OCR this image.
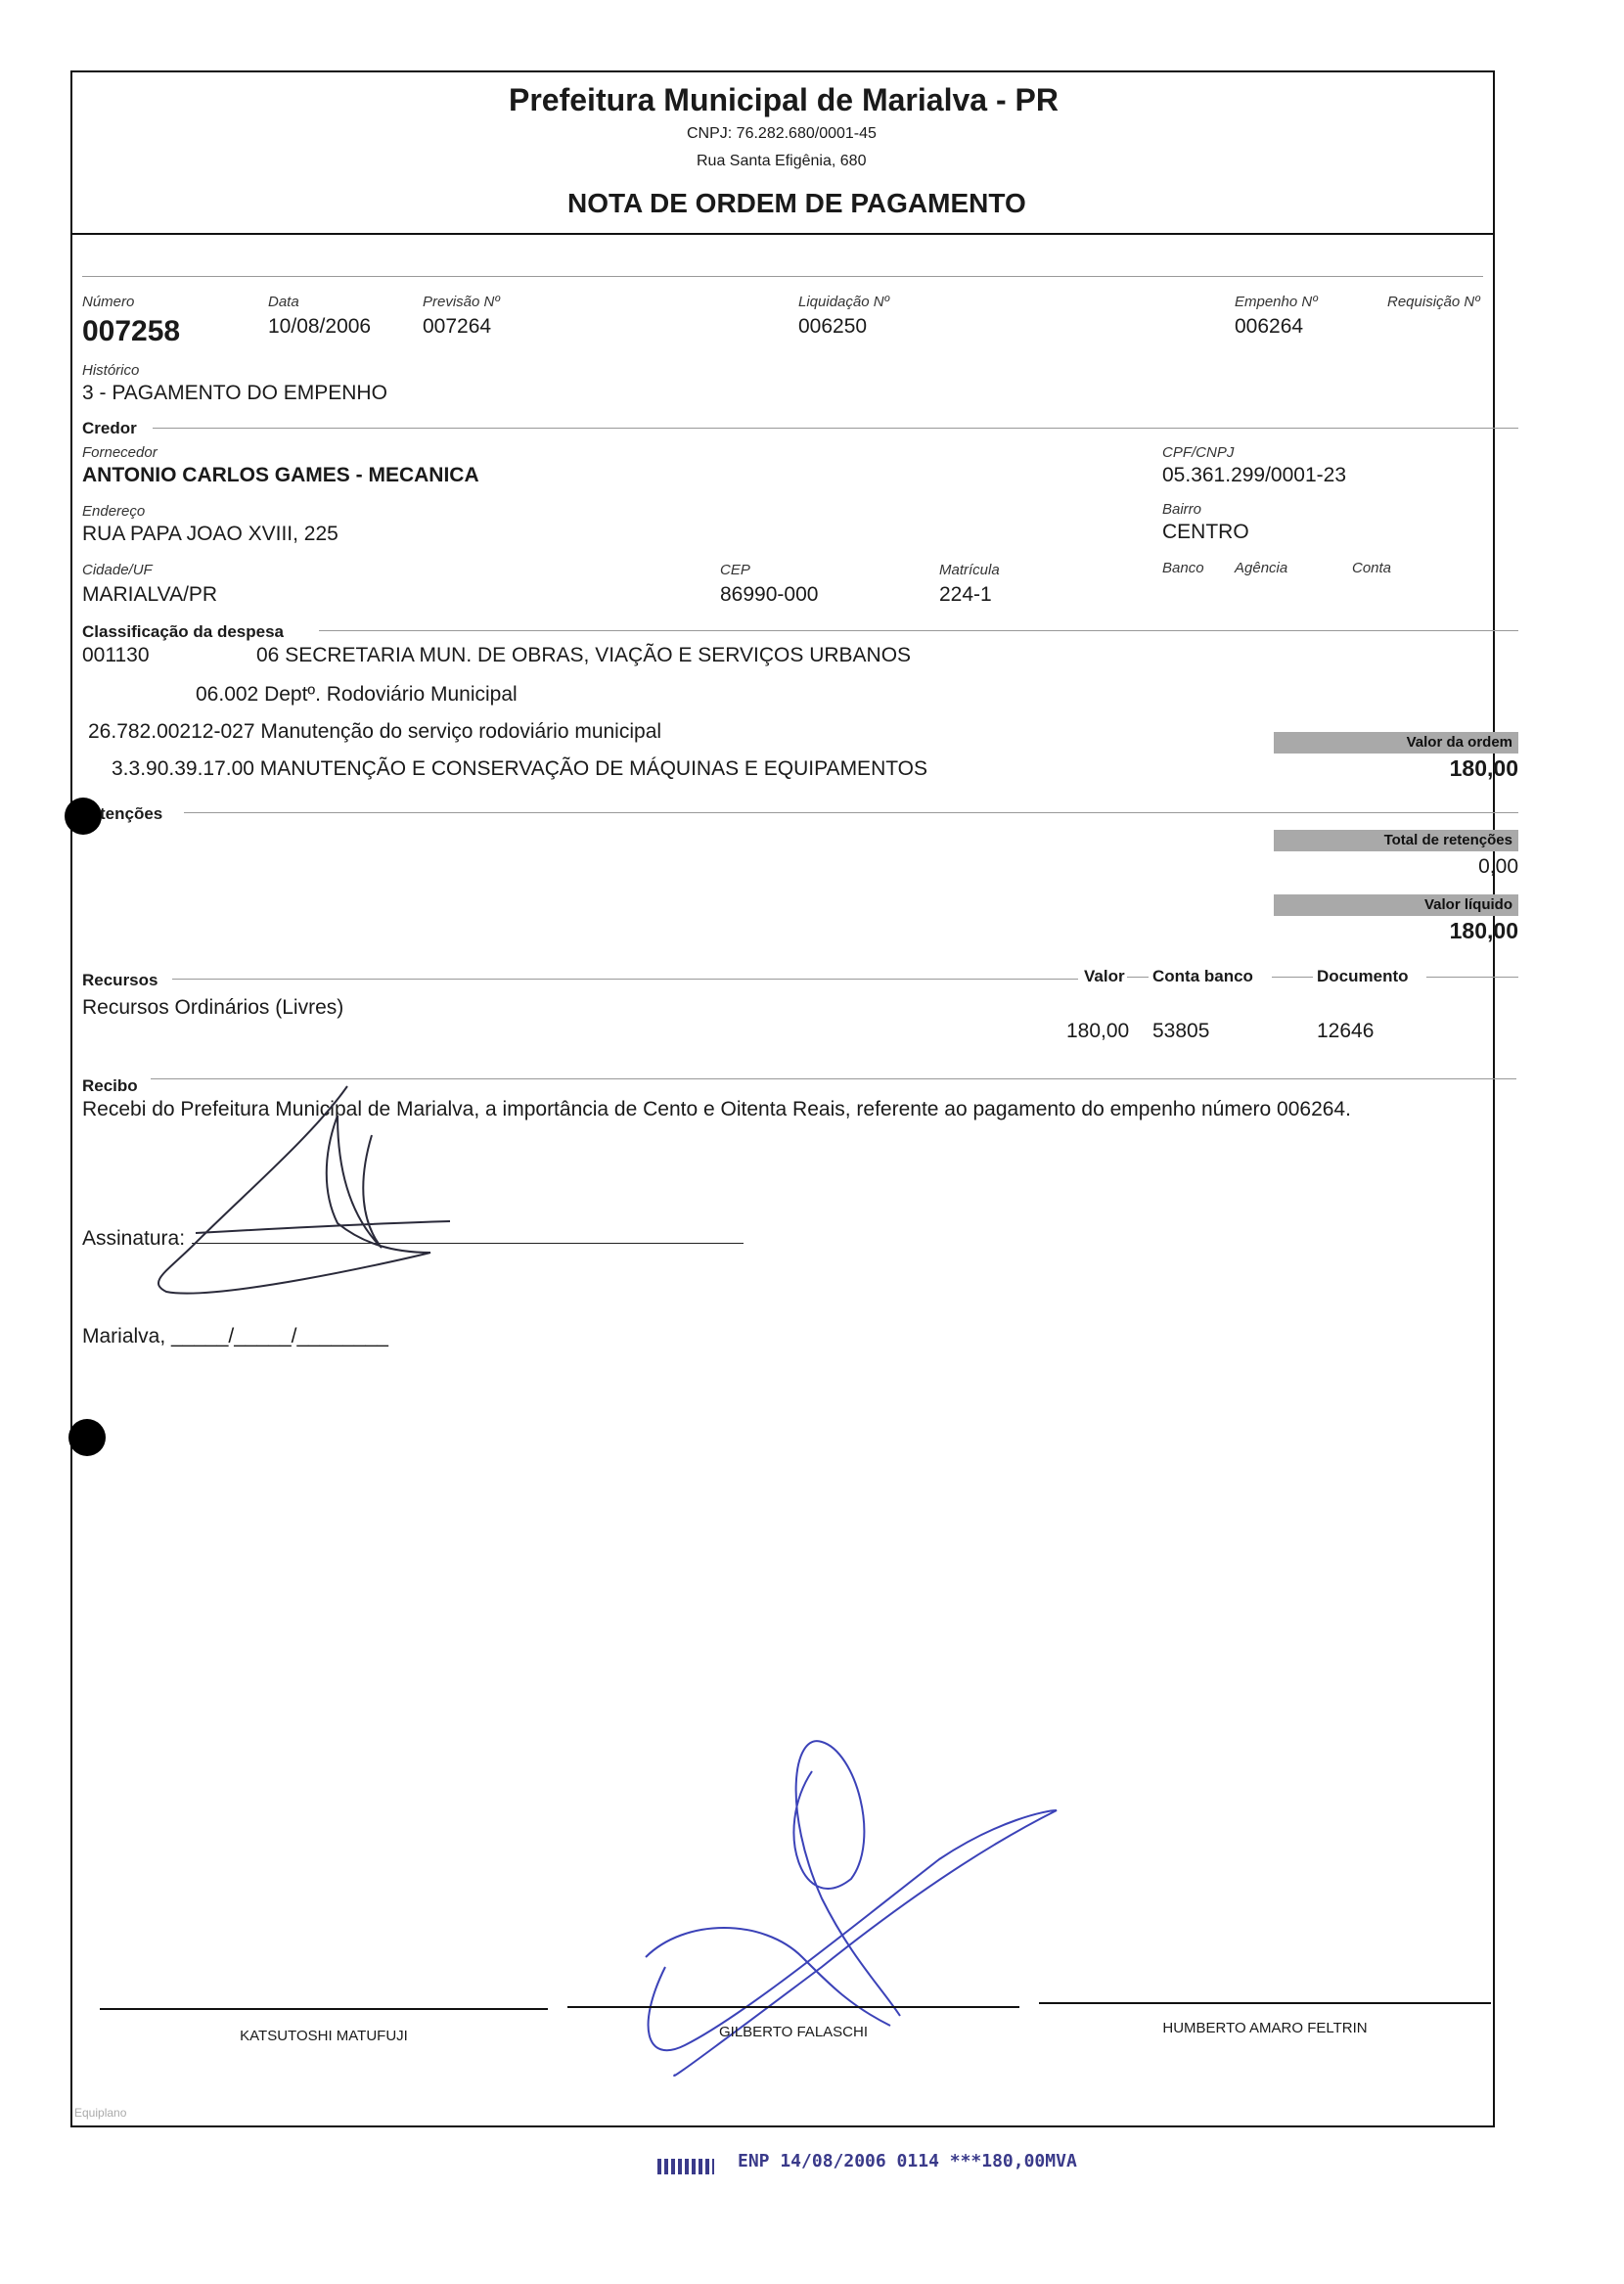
Prefeitura Municipal de Marialva - PR
CNPJ: 76.282.680/0001-45
Rua Santa Efigênia, 680
NOTA DE ORDEM DE PAGAMENTO
Número
007258
Data
10/08/2006
Previsão Nº
007264
Liquidação Nº
006250
Empenho Nº
006264
Requisição Nº
Histórico
3 - PAGAMENTO DO EMPENHO
Credor
Fornecedor
ANTONIO CARLOS GAMES - MECANICA
CPF/CNPJ
05.361.299/0001-23
Endereço
RUA PAPA JOAO XVIII, 225
Bairro
CENTRO
Cidade/UF
MARIALVA/PR
CEP
86990-000
Matrícula
224-1
Banco Agência	Conta
Classificação da despesa
001130	06 SECRETARIA MUN. DE OBRAS, VIAÇÃO E SERVIÇOS URBANOS
06.002 Deptº. Rodoviário Municipal
26.782.00212-027 Manutenção do serviço rodoviário municipal
3.3.90.39.17.00 MANUTENÇÃO E CONSERVAÇÃO DE MÁQUINAS E EQUIPAMENTOS
Valor da ordem
180,00
tenções
Total de retenções
0,00
Valor líquido
180,00
Recursos	Valor Conta banco	Documento
Recursos Ordinários (Livres)
180,00 53805	12646
Recibo
Recebi do Prefeitura Municipal de Marialva, a importância de Cento e Oitenta Reais, referente ao pagamento do empenho número 006264.
Assinatura:
Marialva, _____/_____/________
KATSUTOSHI MATUFUJI	GILBERTO FALASCHI	HUMBERTO AMARO FELTRIN
Equiplano
ENP 14/08/2006 0114 ***180,00MVA
